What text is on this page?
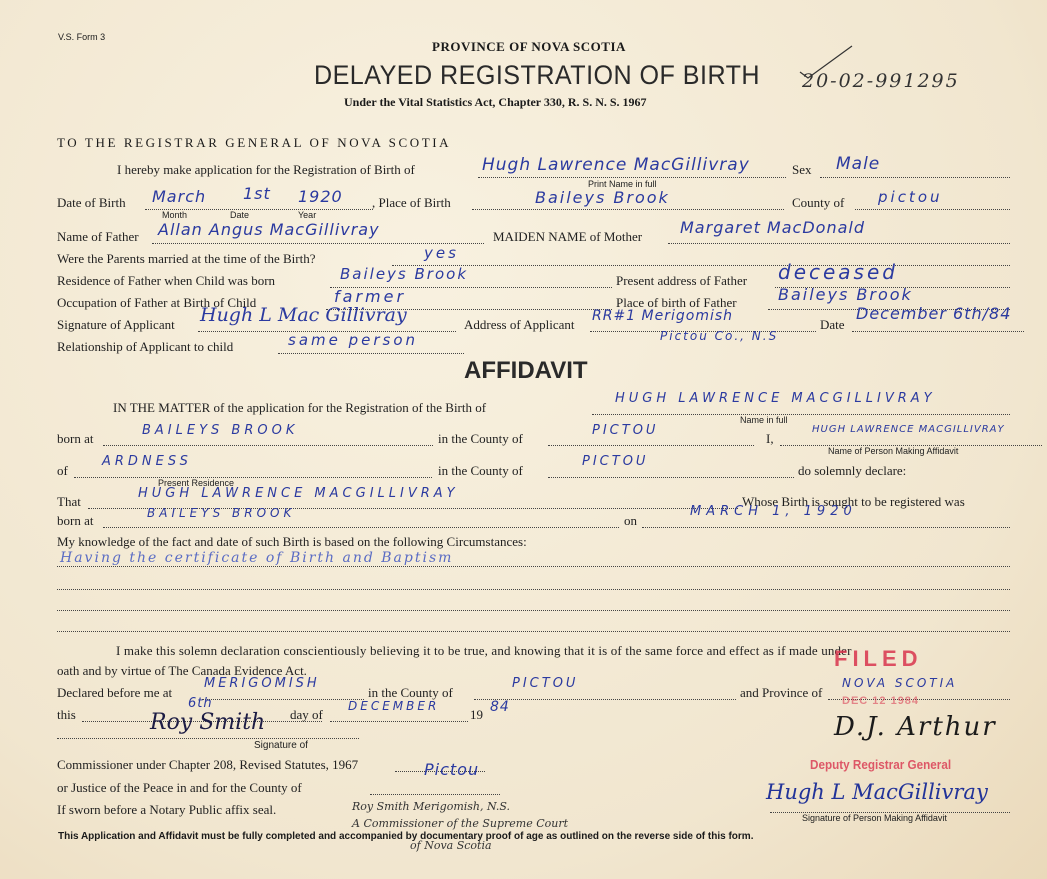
V.S. Form 3
PROVINCE OF NOVA SCOTIA
DELAYED REGISTRATION OF BIRTH
Under the Vital Statistics Act, Chapter 330, R. S. N. S. 1967
20-02-991295
TO THE REGISTRAR GENERAL OF NOVA SCOTIA
I hereby make application for the Registration of Birth of	Hugh Lawrence MacGillivray
Print Name in full
Sex Male
Date of Birth March 1st 1920
Month	Date	Year
, Place of Birth	Baileys Brook	County of pictou
Name of Father Allan Angus MacGillivray	MAIDEN NAME of Mother Margaret MacDonald
Were the Parents married at the time of the Birth?	yes
Residence of Father when Child was born	Baileys Brook	Present address of Father deceased
Occupation of Father at Birth of Child	farmer	Place of birth of Father	Baileys Brook
Signature of Applicant Hugh L Mac Gillivray	Address of Applicant
RR#1 Merigomish
Pictou Co., N.S
Date
December 6th/84
Relationship of Applicant to child	same person
AFFIDAVIT
IN THE MATTER of the application for the Registration of the Birth of
HUGH LAWRENCE MACGILLIVRAY
Name in full
born at
BAILEYS BROOK
in the County of
PICTOU
I,
HUGH LAWRENCE MACGILLIVRAY
Name of Person Making Affidavit
of
ARDNESS
Present Residence
in the County of
PICTOU
do solemnly declare:
That
HUGH LAWRENCE MACGILLIVRAY
Whose Birth is sought to be registered was
born at	BAILEYS BROOK	on
MARCH 1, 1920
My knowledge of the fact and date of such Birth is based on the following Circumstances:
Having the certificate of Birth and Baptism
I make this solemn declaration conscientiously believing it to be true, and knowing that it is of the same force and effect as if made under
oath and by virtue of The Canada Evidence Act.	FILED
Declared before me at
MERIGOMISH
in the County of
PICTOU
and Province of
NOVA SCOTIA
this
6th
day of
DECEMBER
19 84
Roy Smith
Signature of
Commissioner under Chapter 208, Revised Statutes, 1967
or Justice of the Peace in and for the County of
Pictou
If sworn before a Notary Public affix seal.	Roy Smith Merigomish, N.S.
A Commissioner of the Supreme Court
of Nova Scotia
DEC 12 1984
D.J. Arthur
Deputy Registrar General
Hugh L MacGillivray
Signature of Person Making Affidavit
This Application and Affidavit must be fully completed and accompanied by documentary proof of age as outlined on the reverse side of this form.
